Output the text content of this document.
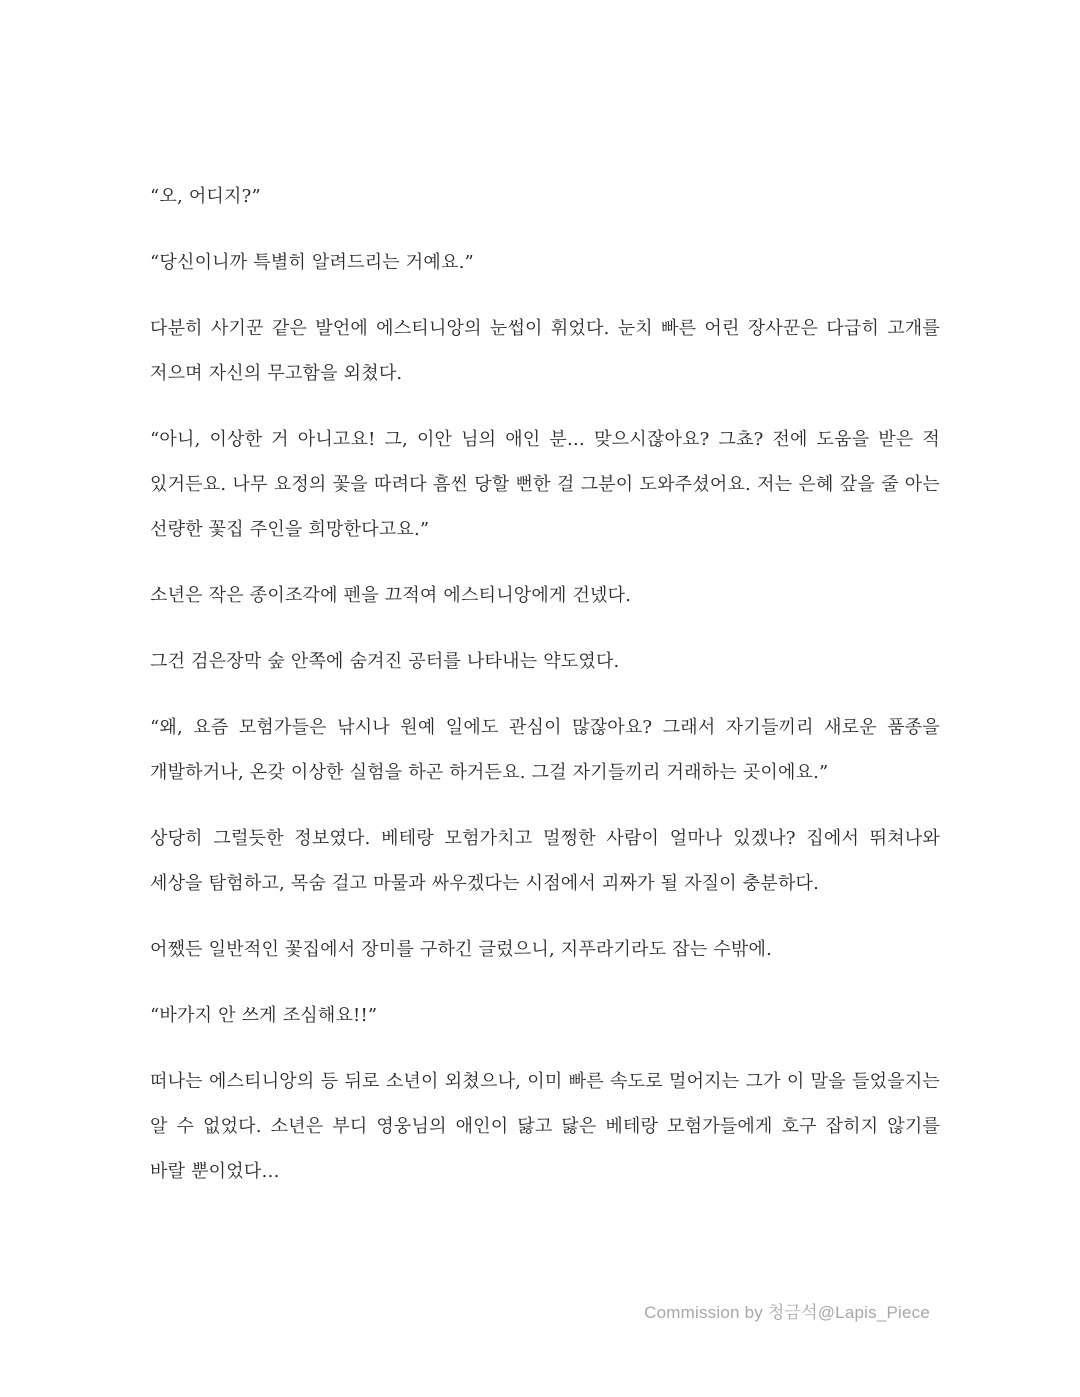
“오, 어디지?”

“당신이니까 특별히 알려드리는 거예요.”

다분히 사기꾼 같은 발언에 에스티니앙의 눈썹이 휘었다. 눈치 빠른 어린 장사꾼은 다급히 고개를 저으며 자신의 무고함을 외쳤다.

“아니, 이상한 거 아니고요! 그, 이안 님의 애인 분… 맞으시잖아요? 그쵸? 전에 도움을 받은 적 있거든요. 나무 요정의 꽃을 따려다 흠씬 당할 뻔한 걸 그분이 도와주셨어요. 저는 은혜 갚을 줄 아는 선량한 꽃집 주인을 희망한다고요.”

소년은 작은 종이조각에 펜을 끄적여 에스티니앙에게 건넸다.

그건 검은장막 숲 안쪽에 숨겨진 공터를 나타내는 약도였다.

“왜, 요즘 모험가들은 낚시나 원예 일에도 관심이 많잖아요? 그래서 자기들끼리 새로운 품종을 개발하거나, 온갖 이상한 실험을 하곤 하거든요. 그걸 자기들끼리 거래하는 곳이에요.”

상당히 그럴듯한 정보였다. 베테랑 모험가치고 멀쩡한 사람이 얼마나 있겠나? 집에서 뛰쳐나와 세상을 탐험하고, 목숨 걸고 마물과 싸우겠다는 시점에서 괴짜가 될 자질이 충분하다.

어쨌든 일반적인 꽃집에서 장미를 구하긴 글렀으니, 지푸라기라도 잡는 수밖에.

“바가지 안 쓰게 조심해요!!”

떠나는 에스티니앙의 등 뒤로 소년이 외쳤으나, 이미 빠른 속도로 멀어지는 그가 이 말을 들었을지는 알 수 없었다. 소년은 부디 영웅님의 애인이 닳고 닳은 베테랑 모험가들에게 호구 잡히지 않기를 바랄 뿐이었다…

Commission by 청금석@Lapis_Piece
